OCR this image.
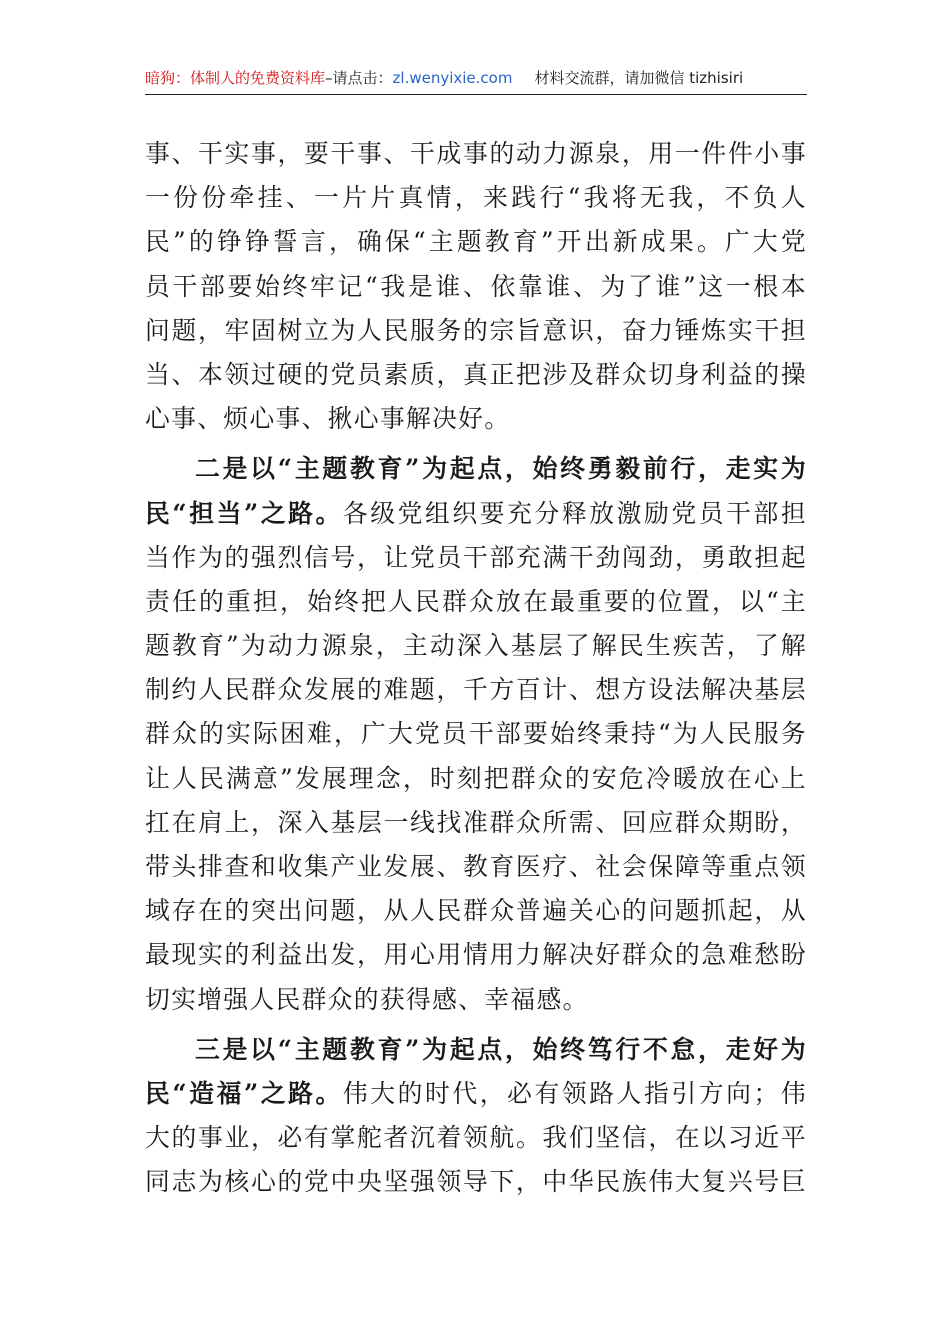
暗狗：体制人的免费资料库–请点击：zl.wenyixie.com 材料交流群，请加微信 tizhisiri
事、干实事，要干事、干成事的动力源泉，用一件件小事
一份份牵挂、一片片真情，来践行“我将无我，不负人
民”的铮铮誓言，确保“主题教育”开出新成果。广大党
员干部要始终牢记“我是谁、依靠谁、为了谁”这一根本
问题，牢固树立为人民服务的宗旨意识，奋力锤炼实干担
当、本领过硬的党员素质，真正把涉及群众切身利益的操
心事、烦心事、揪心事解决好。
二是以“主题教育”为起点，始终勇毅前行，走实为
民“担当”之路。各级党组织要充分释放激励党员干部担
当作为的强烈信号，让党员干部充满干劲闯劲，勇敢担起
责任的重担，始终把人民群众放在最重要的位置，以“主
题教育”为动力源泉，主动深入基层了解民生疾苦，了解
制约人民群众发展的难题，千方百计、想方设法解决基层
群众的实际困难，广大党员干部要始终秉持“为人民服务
让人民满意”发展理念，时刻把群众的安危冷暖放在心上
扛在肩上，深入基层一线找准群众所需、回应群众期盼，
带头排查和收集产业发展、教育医疗、社会保障等重点领
域存在的突出问题，从人民群众普遍关心的问题抓起，从
最现实的利益出发，用心用情用力解决好群众的急难愁盼
切实增强人民群众的获得感、幸福感。
三是以“主题教育”为起点，始终笃行不怠，走好为
民“造福”之路。伟大的时代，必有领路人指引方向；伟
大的事业，必有掌舵者沉着领航。我们坚信，在以习近平
同志为核心的党中央坚强领导下，中华民族伟大复兴号巨
